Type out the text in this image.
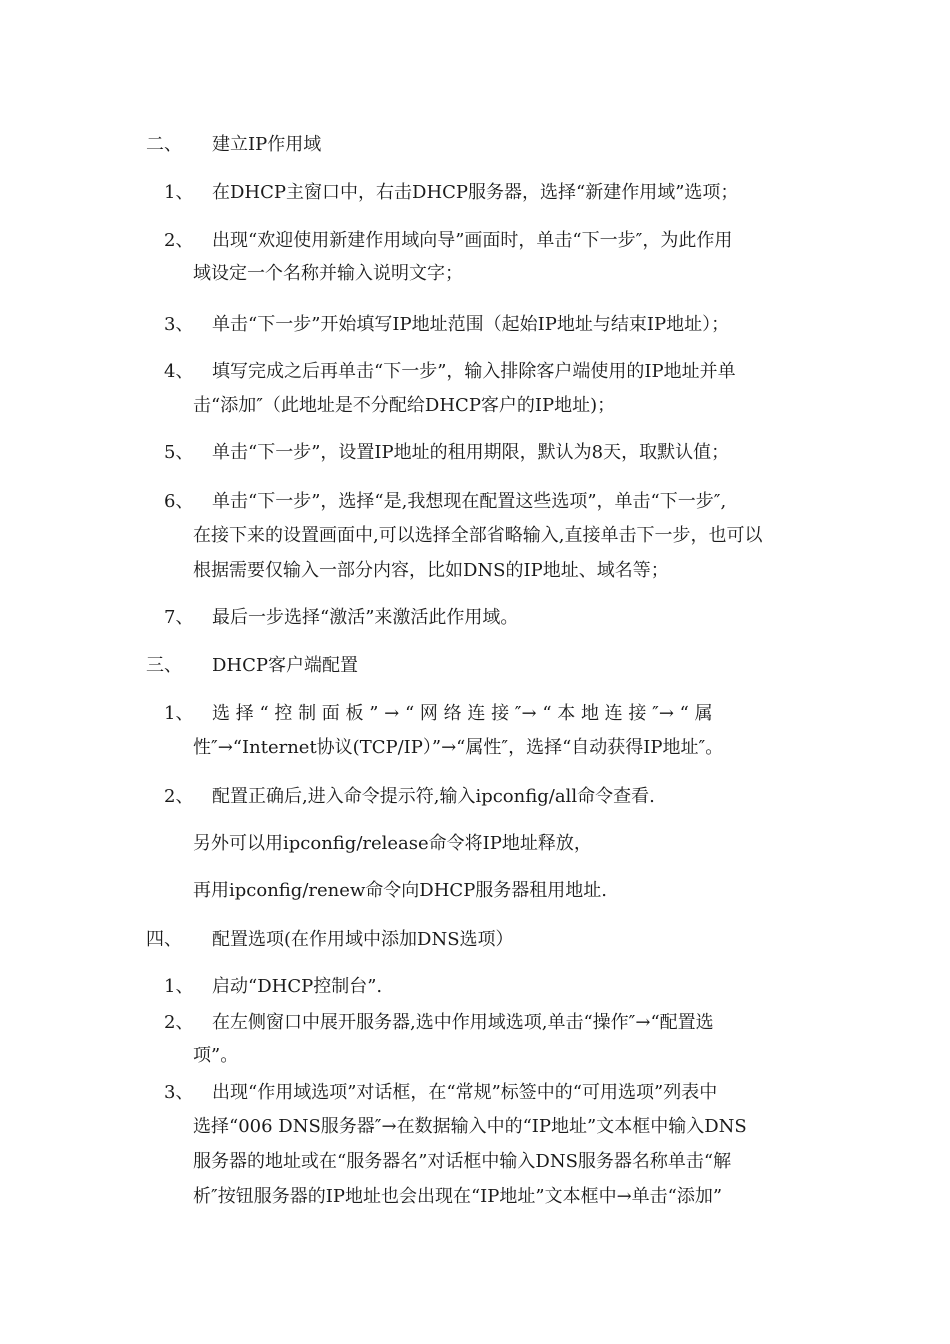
二、 建立IP作用域
1、 在DHCP主窗口中，右击DHCP服务器，选择“新建作用域”选项；
2、 出现“欢迎使用新建作用域向导”画面时，单击“下一步″，为此作用
域设定一个名称并输入说明文字；
3、 单击“下一步”开始填写IP地址范围（起始IP地址与结束IP地址）；
4、 填写完成之后再单击“下一步”，输入排除客户端使用的IP地址并单
击“添加″（此地址是不分配给DHCP客户的IP地址)；
5、 单击“下一步”，设置IP地址的租用期限，默认为8天，取默认值；
6、 单击“下一步”，选择“是,我想现在配置这些选项”，单击“下一步″,
在接下来的设置画面中,可以选择全部省略输入,直接单击下一步，也可以
根据需要仅输入一部分内容，比如DNS的IP地址、域名等；
7、 最后一步选择“激活”来激活此作用域。
三、 DHCP客户端配置
1、 选 择 “ 控 制 面 板 ” → “ 网 络 连 接 ″→ “ 本 地 连 接 ″→ “ 属
性″→“Internet协议(TCP/IP）”→“属性″，选择“自动获得IP地址″。
2、 配置正确后,进入命令提示符,输入ipconfig/all命令查看.
另外可以用ipconfig/release命令将IP地址释放，
再用ipconfig/renew命令向DHCP服务器租用地址.
四、 配置选项(在作用域中添加DNS选项）
1、 启动“DHCP控制台”.
2、 在左侧窗口中展开服务器,选中作用域选项,单击“操作″→“配置选
项”。
3、 出现“作用域选项”对话框，在“常规”标签中的“可用选项”列表中
选择“006 DNS服务器″→在数据输入中的“IP地址”文本框中输入DNS
服务器的地址或在“服务器名”对话框中输入DNS服务器名称单击“解
析″按钮服务器的IP地址也会出现在“IP地址”文本框中→单击“添加”
